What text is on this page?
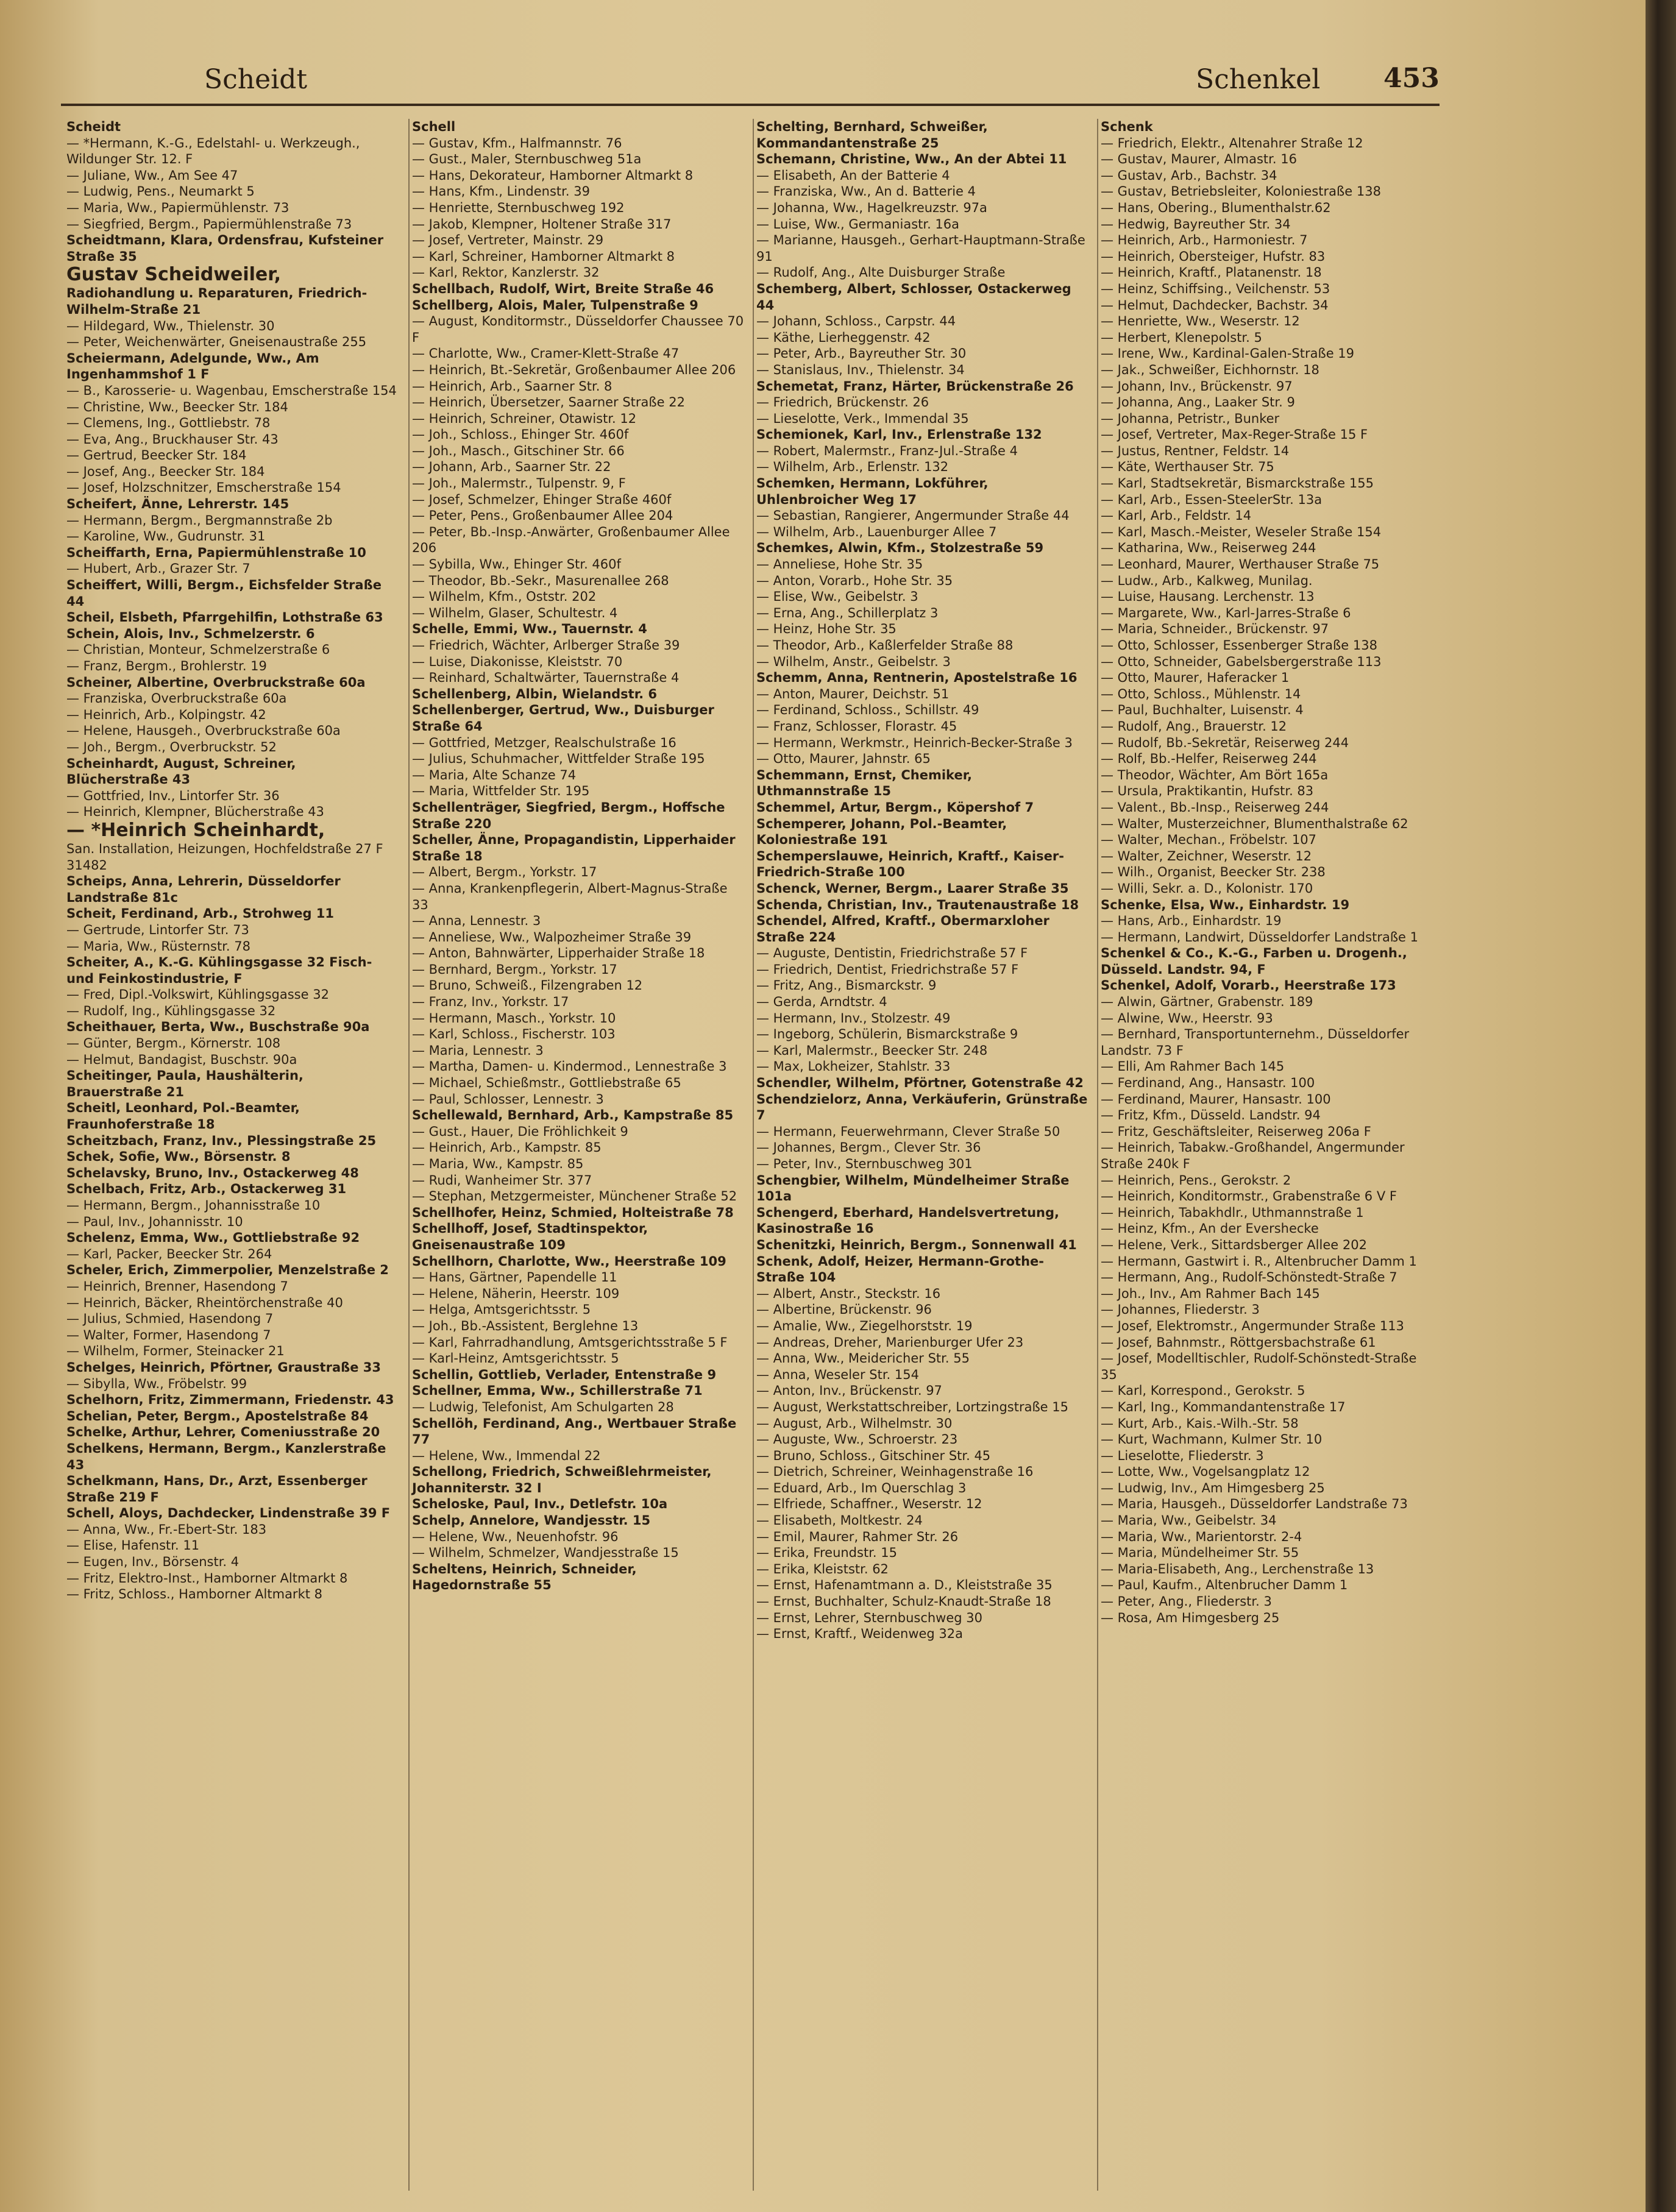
Scheidt	Schenkel 453
Scheidt
— *Hermann, K.-G., Edelstahl- u. Werkzeugh., Wildunger Str. 12. F
— Juliane, Ww., Am See 47
— Ludwig, Pens., Neumarkt 5
— Maria, Ww., Papiermühlenstr. 73
— Siegfried, Bergm., Papiermühlenstraße 73
Scheidtmann, Klara, Ordensfrau, Kufsteiner Straße 35
Gustav Scheidweiler,
Radiohandlung u. Reparaturen, Friedrich-Wilhelm-Straße 21
— Hildegard, Ww., Thielenstr. 30
— Peter, Weichenwärter, Gneisenaustraße 255
Scheiermann, Adelgunde, Ww., Am Ingenhammshof 1 F
— B., Karosserie- u. Wagenbau, Emscherstraße 154
— Christine, Ww., Beecker Str. 184
— Clemens, Ing., Gottliebstr. 78
— Eva, Ang., Bruckhauser Str. 43
— Gertrud, Beecker Str. 184
— Josef, Ang., Beecker Str. 184
— Josef, Holzschnitzer, Emscherstraße 154
Scheifert, Änne, Lehrerstr. 145
— Hermann, Bergm., Bergmannstraße 2b
— Karoline, Ww., Gudrunstr. 31
Scheiffarth, Erna, Papiermühlenstraße 10
— Hubert, Arb., Grazer Str. 7
Scheiffert, Willi, Bergm., Eichsfelder Straße 44
Scheil, Elsbeth, Pfarrgehilfin, Lothstraße 63
Schein, Alois, Inv., Schmelzerstr. 6
— Christian, Monteur, Schmelzerstraße 6
— Franz, Bergm., Brohlerstr. 19
Scheiner, Albertine, Overbruckstraße 60a
— Franziska, Overbruckstraße 60a
— Heinrich, Arb., Kolpingstr. 42
— Helene, Hausgeh., Overbruckstraße 60a
— Joh., Bergm., Overbruckstr. 52
Scheinhardt, August, Schreiner, Blücherstraße 43
— Gottfried, Inv., Lintorfer Str. 36
— Heinrich, Klempner, Blücherstraße 43
— *Heinrich Scheinhardt,
San. Installation, Heizungen, Hochfeldstraße 27 F 31482
Scheips, Anna, Lehrerin, Düsseldorfer Landstraße 81c
Scheit, Ferdinand, Arb., Strohweg 11
— Gertrude, Lintorfer Str. 73
— Maria, Ww., Rüsternstr. 78
Scheiter, A., K.-G. Kühlingsgasse 32 Fisch- und Feinkostindustrie, F
— Fred, Dipl.-Volkswirt, Kühlingsgasse 32
— Rudolf, Ing., Kühlingsgasse 32
Scheithauer, Berta, Ww., Buschstraße 90a
— Günter, Bergm., Körnerstr. 108
— Helmut, Bandagist, Buschstr. 90a
Scheitinger, Paula, Haushälterin, Brauerstraße 21
Scheitl, Leonhard, Pol.-Beamter, Fraunhoferstraße 18
Scheitzbach, Franz, Inv., Plessingstraße 25
Schek, Sofie, Ww., Börsenstr. 8
Schelavsky, Bruno, Inv., Ostackerweg 48
Schelbach, Fritz, Arb., Ostackerweg 31
— Hermann, Bergm., Johannisstraße 10
— Paul, Inv., Johannisstr. 10
Schelenz, Emma, Ww., Gottliebstraße 92
— Karl, Packer, Beecker Str. 264
Scheler, Erich, Zimmerpolier, Menzelstraße 2
— Heinrich, Brenner, Hasendong 7
— Heinrich, Bäcker, Rheintörchenstraße 40
— Julius, Schmied, Hasendong 7
— Walter, Former, Hasendong 7
— Wilhelm, Former, Steinacker 21
Schelges, Heinrich, Pförtner, Graustraße 33
— Sibylla, Ww., Fröbelstr. 99
Schelhorn, Fritz, Zimmermann, Friedenstr. 43
Schelian, Peter, Bergm., Apostelstraße 84
Schelke, Arthur, Lehrer, Comeniusstraße 20
Schelkens, Hermann, Bergm., Kanzlerstraße 43
Schelkmann, Hans, Dr., Arzt, Essenberger Straße 219 F
Schell, Aloys, Dachdecker, Lindenstraße 39 F
— Anna, Ww., Fr.-Ebert-Str. 183
— Elise, Hafenstr. 11
— Eugen, Inv., Börsenstr. 4
— Fritz, Elektro-Inst., Hamborner Altmarkt 8
— Fritz, Schloss., Hamborner Altmarkt 8
Schell
— Gustav, Kfm., Halfmannstr. 76
— Gust., Maler, Sternbuschweg 51a
— Hans, Dekorateur, Hamborner Altmarkt 8
— Hans, Kfm., Lindenstr. 39
— Henriette, Sternbuschweg 192
— Jakob, Klempner, Holtener Straße 317
— Josef, Vertreter, Mainstr. 29
— Karl, Schreiner, Hamborner Altmarkt 8
— Karl, Rektor, Kanzlerstr. 32
Schellbach, Rudolf, Wirt, Breite Straße 46
Schellberg, Alois, Maler, Tulpenstraße 9
— August, Konditormstr., Düsseldorfer Chaussee 70 F
— Charlotte, Ww., Cramer-Klett-Straße 47
— Heinrich, Bt.-Sekretär, Großenbaumer Allee 206
— Heinrich, Arb., Saarner Str. 8
— Heinrich, Übersetzer, Saarner Straße 22
— Heinrich, Schreiner, Otawistr. 12
— Joh., Schloss., Ehinger Str. 460f
— Joh., Masch., Gitschiner Str. 66
— Johann, Arb., Saarner Str. 22
— Joh., Malermstr., Tulpenstr. 9, F
— Josef, Schmelzer, Ehinger Straße 460f
— Peter, Pens., Großenbaumer Allee 204
— Peter, Bb.-Insp.-Anwärter, Großenbaumer Allee 206
— Sybilla, Ww., Ehinger Str. 460f
— Theodor, Bb.-Sekr., Masurenallee 268
— Wilhelm, Kfm., Oststr. 202
— Wilhelm, Glaser, Schultestr. 4
Schelle, Emmi, Ww., Tauernstr. 4
— Friedrich, Wächter, Arlberger Straße 39
— Luise, Diakonisse, Kleiststr. 70
— Reinhard, Schaltwärter, Tauernstraße 4
Schellenberg, Albin, Wielandstr. 6
Schellenberger, Gertrud, Ww., Duisburger Straße 64
— Gottfried, Metzger, Realschulstraße 16
— Julius, Schuhmacher, Wittfelder Straße 195
— Maria, Alte Schanze 74
— Maria, Wittfelder Str. 195
Schellenträger, Siegfried, Bergm., Hoffsche Straße 220
Scheller, Änne, Propagandistin, Lipperhaider Straße 18
— Albert, Bergm., Yorkstr. 17
— Anna, Krankenpflegerin, Albert-Magnus-Straße 33
— Anna, Lennestr. 3
— Anneliese, Ww., Walpozheimer Straße 39
— Anton, Bahnwärter, Lipperhaider Straße 18
— Bernhard, Bergm., Yorkstr. 17
— Bruno, Schweiß., Filzengraben 12
— Franz, Inv., Yorkstr. 17
— Hermann, Masch., Yorkstr. 10
— Karl, Schloss., Fischerstr. 103
— Maria, Lennestr. 3
— Martha, Damen- u. Kindermod., Lennestraße 3
— Michael, Schießmstr., Gottliebstraße 65
— Paul, Schlosser, Lennestr. 3
Schellewald, Bernhard, Arb., Kampstraße 85
— Gust., Hauer, Die Fröhlichkeit 9
— Heinrich, Arb., Kampstr. 85
— Maria, Ww., Kampstr. 85
— Rudi, Wanheimer Str. 377
— Stephan, Metzgermeister, Münchener Straße 52
Schellhofer, Heinz, Schmied, Holteistraße 78
Schellhoff, Josef, Stadtinspektor, Gneisenaustraße 109
Schellhorn, Charlotte, Ww., Heerstraße 109
— Hans, Gärtner, Papendelle 11
— Helene, Näherin, Heerstr. 109
— Helga, Amtsgerichtsstr. 5
— Joh., Bb.-Assistent, Berglehne 13
— Karl, Fahrradhandlung, Amtsgerichtsstraße 5 F
— Karl-Heinz, Amtsgerichtsstr. 5
Schellin, Gottlieb, Verlader, Entenstraße 9
Schellner, Emma, Ww., Schillerstraße 71
— Ludwig, Telefonist, Am Schulgarten 28
Schellöh, Ferdinand, Ang., Wertbauer Straße 77
— Helene, Ww., Immendal 22
Schellong, Friedrich, Schweißlehrmeister, Johanniterstr. 32 I
Scheloske, Paul, Inv., Detlefstr. 10a
Schelp, Annelore, Wandjesstr. 15
— Helene, Ww., Neuenhofstr. 96
— Wilhelm, Schmelzer, Wandjesstraße 15
Scheltens, Heinrich, Schneider, Hagedornstraße 55
Schelting, Bernhard, Schweißer, Kommandantenstraße 25
Schemann, Christine, Ww., An der Abtei 11
— Elisabeth, An der Batterie 4
— Franziska, Ww., An d. Batterie 4
— Johanna, Ww., Hagelkreuzstr. 97a
— Luise, Ww., Germaniastr. 16a
— Marianne, Hausgeh., Gerhart-Hauptmann-Straße 91
— Rudolf, Ang., Alte Duisburger Straße
Schemberg, Albert, Schlosser, Ostackerweg 44
— Johann, Schloss., Carpstr. 44
— Käthe, Lierheggenstr. 42
— Peter, Arb., Bayreuther Str. 30
— Stanislaus, Inv., Thielenstr. 34
Schemetat, Franz, Härter, Brückenstraße 26
— Friedrich, Brückenstr. 26
— Lieselotte, Verk., Immendal 35
Schemionek, Karl, Inv., Erlenstraße 132
— Robert, Malermstr., Franz-Jul.-Straße 4
— Wilhelm, Arb., Erlenstr. 132
Schemken, Hermann, Lokführer, Uhlenbroicher Weg 17
— Sebastian, Rangierer, Angermunder Straße 44
— Wilhelm, Arb., Lauenburger Allee 7
Schemkes, Alwin, Kfm., Stolzestraße 59
— Anneliese, Hohe Str. 35
— Anton, Vorarb., Hohe Str. 35
— Elise, Ww., Geibelstr. 3
— Erna, Ang., Schillerplatz 3
— Heinz, Hohe Str. 35
— Theodor, Arb., Kaßlerfelder Straße 88
— Wilhelm, Anstr., Geibelstr. 3
Schemm, Anna, Rentnerin, Apostelstraße 16
— Anton, Maurer, Deichstr. 51
— Ferdinand, Schloss., Schillstr. 49
— Franz, Schlosser, Florastr. 45
— Hermann, Werkmstr., Heinrich-Becker-Straße 3
— Otto, Maurer, Jahnstr. 65
Schemmann, Ernst, Chemiker, Uthmannstraße 15
Schemmel, Artur, Bergm., Köpershof 7
Schemperer, Johann, Pol.-Beamter, Koloniestraße 191
Schemperslauwe, Heinrich, Kraftf., Kaiser-Friedrich-Straße 100
Schenck, Werner, Bergm., Laarer Straße 35
Schenda, Christian, Inv., Trautenaustraße 18
Schendel, Alfred, Kraftf., Obermarxloher Straße 224
— Auguste, Dentistin, Friedrichstraße 57 F
— Friedrich, Dentist, Friedrichstraße 57 F
— Fritz, Ang., Bismarckstr. 9
— Gerda, Arndtstr. 4
— Hermann, Inv., Stolzestr. 49
— Ingeborg, Schülerin, Bismarckstraße 9
— Karl, Malermstr., Beecker Str. 248
— Max, Lokheizer, Stahlstr. 33
Schendler, Wilhelm, Pförtner, Gotenstraße 42
Schendzielorz, Anna, Verkäuferin, Grünstraße 7
— Hermann, Feuerwehrmann, Clever Straße 50
— Johannes, Bergm., Clever Str. 36
— Peter, Inv., Sternbuschweg 301
Schengbier, Wilhelm, Mündelheimer Straße 101a
Schengerd, Eberhard, Handelsvertretung, Kasinostraße 16
Schenitzki, Heinrich, Bergm., Sonnenwall 41
Schenk, Adolf, Heizer, Hermann-Grothe-Straße 104
— Albert, Anstr., Steckstr. 16
— Albertine, Brückenstr. 96
— Amalie, Ww., Ziegelhorststr. 19
— Andreas, Dreher, Marienburger Ufer 23
— Anna, Ww., Meidericher Str. 55
— Anna, Weseler Str. 154
— Anton, Inv., Brückenstr. 97
— August, Werkstattschreiber, Lortzingstraße 15
— August, Arb., Wilhelmstr. 30
— Auguste, Ww., Schroerstr. 23
— Bruno, Schloss., Gitschiner Str. 45
— Dietrich, Schreiner, Weinhagenstraße 16
— Eduard, Arb., Im Querschlag 3
— Elfriede, Schaffner., Weserstr. 12
— Elisabeth, Moltkestr. 24
— Emil, Maurer, Rahmer Str. 26
— Erika, Freundstr. 15
— Erika, Kleiststr. 62
— Ernst, Hafenamtmann a. D., Kleiststraße 35
— Ernst, Buchhalter, Schulz-Knaudt-Straße 18
— Ernst, Lehrer, Sternbuschweg 30
— Ernst, Kraftf., Weidenweg 32a
Schenk
— Friedrich, Elektr., Altenahrer Straße 12
— Gustav, Maurer, Almastr. 16
— Gustav, Arb., Bachstr. 34
— Gustav, Betriebsleiter, Koloniestraße 138
— Hans, Obering., Blumenthalstr.62
— Hedwig, Bayreuther Str. 34
— Heinrich, Arb., Harmoniestr. 7
— Heinrich, Obersteiger, Hufstr. 83
— Heinrich, Kraftf., Platanenstr. 18
— Heinz, Schiffsing., Veilchenstr. 53
— Helmut, Dachdecker, Bachstr. 34
— Henriette, Ww., Weserstr. 12
— Herbert, Klenepolstr. 5
— Irene, Ww., Kardinal-Galen-Straße 19
— Jak., Schweißer, Eichhornstr. 18
— Johann, Inv., Brückenstr. 97
— Johanna, Ang., Laaker Str. 9
— Johanna, Petristr., Bunker
— Josef, Vertreter, Max-Reger-Straße 15 F
— Justus, Rentner, Feldstr. 14
— Käte, Werthauser Str. 75
— Karl, Stadtsekretär, Bismarckstraße 155
— Karl, Arb., Essen-SteelerStr. 13a
— Karl, Arb., Feldstr. 14
— Karl, Masch.-Meister, Weseler Straße 154
— Katharina, Ww., Reiserweg 244
— Leonhard, Maurer, Werthauser Straße 75
— Ludw., Arb., Kalkweg, Munilag.
— Luise, Hausang. Lerchenstr. 13
— Margarete, Ww., Karl-Jarres-Straße 6
— Maria, Schneider., Brückenstr. 97
— Otto, Schlosser, Essenberger Straße 138
— Otto, Schneider, Gabelsbergerstraße 113
— Otto, Maurer, Haferacker 1
— Otto, Schloss., Mühlenstr. 14
— Paul, Buchhalter, Luisenstr. 4
— Rudolf, Ang., Brauerstr. 12
— Rudolf, Bb.-Sekretär, Reiserweg 244
— Rolf, Bb.-Helfer, Reiserweg 244
— Theodor, Wächter, Am Bört 165a
— Ursula, Praktikantin, Hufstr. 83
— Valent., Bb.-Insp., Reiserweg 244
— Walter, Musterzeichner, Blumenthalstraße 62
— Walter, Mechan., Fröbelstr. 107
— Walter, Zeichner, Weserstr. 12
— Wilh., Organist, Beecker Str. 238
— Willi, Sekr. a. D., Kolonistr. 170
Schenke, Elsa, Ww., Einhardstr. 19
— Hans, Arb., Einhardstr. 19
— Hermann, Landwirt, Düsseldorfer Landstraße 1
Schenkel & Co., K.-G., Farben u. Drogenh., Düsseld. Landstr. 94, F
Schenkel, Adolf, Vorarb., Heerstraße 173
— Alwin, Gärtner, Grabenstr. 189
— Alwine, Ww., Heerstr. 93
— Bernhard, Transportunternehm., Düsseldorfer Landstr. 73 F
— Elli, Am Rahmer Bach 145
— Ferdinand, Ang., Hansastr. 100
— Ferdinand, Maurer, Hansastr. 100
— Fritz, Kfm., Düsseld. Landstr. 94
— Fritz, Geschäftsleiter, Reiserweg 206a F
— Heinrich, Tabakw.-Großhandel, Angermunder Straße 240k F
— Heinrich, Pens., Gerokstr. 2
— Heinrich, Konditormstr., Grabenstraße 6 V F
— Heinrich, Tabakhdlr., Uthmannstraße 1
— Heinz, Kfm., An der Evershecke
— Helene, Verk., Sittardsberger Allee 202
— Hermann, Gastwirt i. R., Altenbrucher Damm 1
— Hermann, Ang., Rudolf-Schönstedt-Straße 7
— Joh., Inv., Am Rahmer Bach 145
— Johannes, Fliederstr. 3
— Josef, Elektromstr., Angermunder Straße 113
— Josef, Bahnmstr., Röttgersbachstraße 61
— Josef, Modelltischler, Rudolf-Schönstedt-Straße 35
— Karl, Korrespond., Gerokstr. 5
— Karl, Ing., Kommandantenstraße 17
— Kurt, Arb., Kais.-Wilh.-Str. 58
— Kurt, Wachmann, Kulmer Str. 10
— Lieselotte, Fliederstr. 3
— Lotte, Ww., Vogelsangplatz 12
— Ludwig, Inv., Am Himgesberg 25
— Maria, Hausgeh., Düsseldorfer Landstraße 73
— Maria, Ww., Geibelstr. 34
— Maria, Ww., Marientorstr. 2-4
— Maria, Mündelheimer Str. 55
— Maria-Elisabeth, Ang., Lerchenstraße 13
— Paul, Kaufm., Altenbrucher Damm 1
— Peter, Ang., Fliederstr. 3
— Rosa, Am Himgesberg 25
